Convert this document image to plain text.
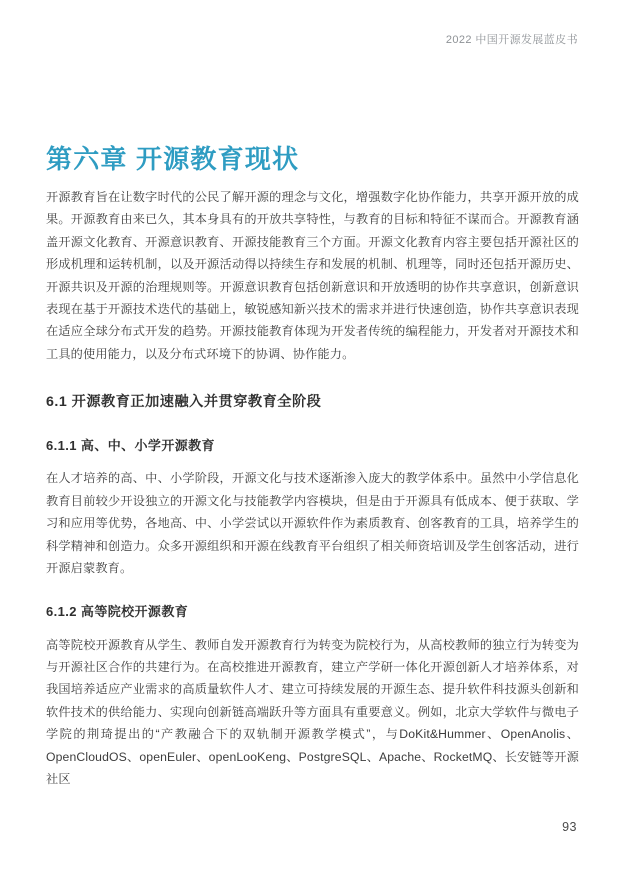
2022 中国开源发展蓝皮书
第六章 开源教育现状

开源教育旨在让数字时代的公民了解开源的理念与文化，增强数字化协作能力，共享开源开放的成果。开源教育由来已久，其本身具有的开放共享特性，与教育的目标和特征不谋而合。开源教育涵盖开源文化教育、开源意识教育、开源技能教育三个方面。开源文化教育内容主要包括开源社区的形成机理和运转机制，以及开源活动得以持续生存和发展的机制、机理等，同时还包括开源历史、开源共识及开源的治理规则等。开源意识教育包括创新意识和开放透明的协作共享意识，创新意识表现在基于开源技术迭代的基础上，敏锐感知新兴技术的需求并进行快速创造，协作共享意识表现在适应全球分布式开发的趋势。开源技能教育体现为开发者传统的编程能力，开发者对开源技术和工具的使用能力，以及分布式环境下的协调、协作能力。

6.1 开源教育正加速融入并贯穿教育全阶段
6.1.1 高、中、小学开源教育

在人才培养的高、中、小学阶段，开源文化与技术逐渐渗入庞大的教学体系中。虽然中小学信息化教育目前较少开设独立的开源文化与技能教学内容模块，但是由于开源具有低成本、便于获取、学习和应用等优势，各地高、中、小学尝试以开源软件作为素质教育、创客教育的工具，培养学生的科学精神和创造力。众多开源组织和开源在线教育平台组织了相关师资培训及学生创客活动，进行开源启蒙教育。

6.1.2 高等院校开源教育

高等院校开源教育从学生、教师自发开源教育行为转变为院校行为，从高校教师的独立行为转变为与开源社区合作的共建行为。在高校推进开源教育，建立产学研一体化开源创新人才培养体系，对我国培养适应产业需求的高质量软件人才、建立可持续发展的开源生态、提升软件科技源头创新和软件技术的供给能力、实现向创新链高端跃升等方面具有重要意义。例如，北京大学软件与微电子学院的荆琦提出的“产教融合下的双轨制开源教学模式”，与DoKit&Hummer、OpenAnolis、OpenCloudOS、openEuler、openLooKeng、PostgreSQL、Apache、RocketMQ、长安链等开源社区

93
